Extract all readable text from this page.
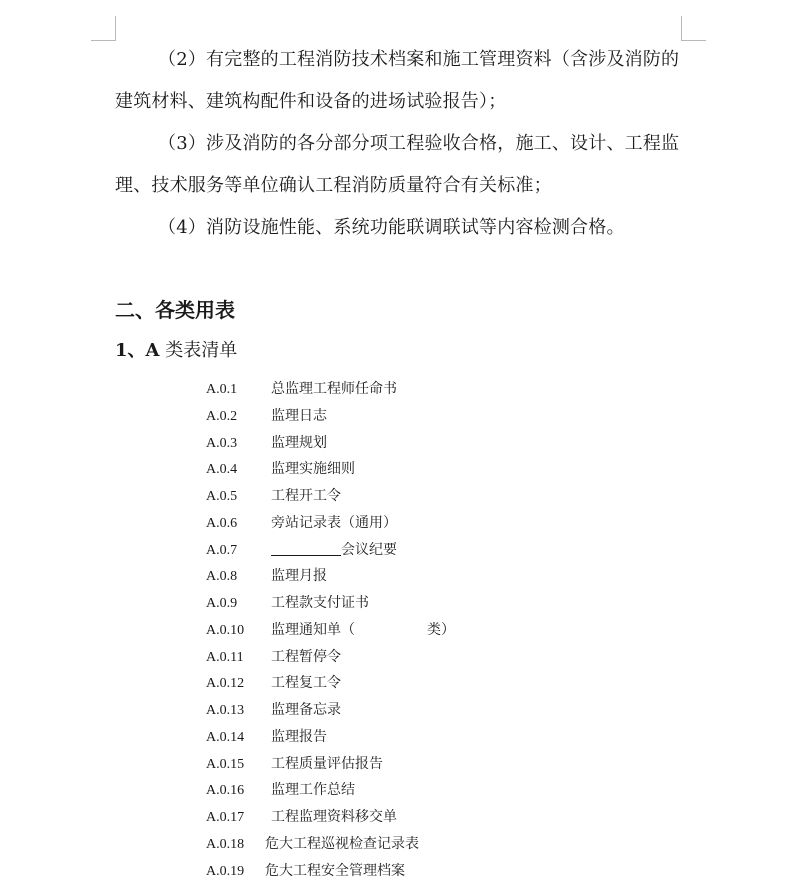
（2）有完整的工程消防技术档案和施工管理资料（含涉及消防的
建筑材料、建筑构配件和设备的进场试验报告）；
（3）涉及消防的各分部分项工程验收合格，施工、设计、工程监
理、技术服务等单位确认工程消防质量符合有关标准；
（4）消防设施性能、系统功能联调联试等内容检测合格。
二、各类用表
1、A 类表清单
A.0.1 总监理工程师任命书
A.0.2 监理日志
A.0.3 监理规划
A.0.4 监理实施细则
A.0.5 工程开工令
A.0.6 旁站记录表（通用）
A.0.7	会议纪要
A.0.8 监理月报
A.0.9 工程款支付证书
A.0.10 监理通知单（	类）
A.0.11 工程暂停令
A.0.12 工程复工令
A.0.13 监理备忘录
A.0.14 监理报告
A.0.15 工程质量评估报告
A.0.16 监理工作总结
A.0.17 工程监理资料移交单
A.0.18 危大工程巡视检查记录表
A.0.19 危大工程安全管理档案
